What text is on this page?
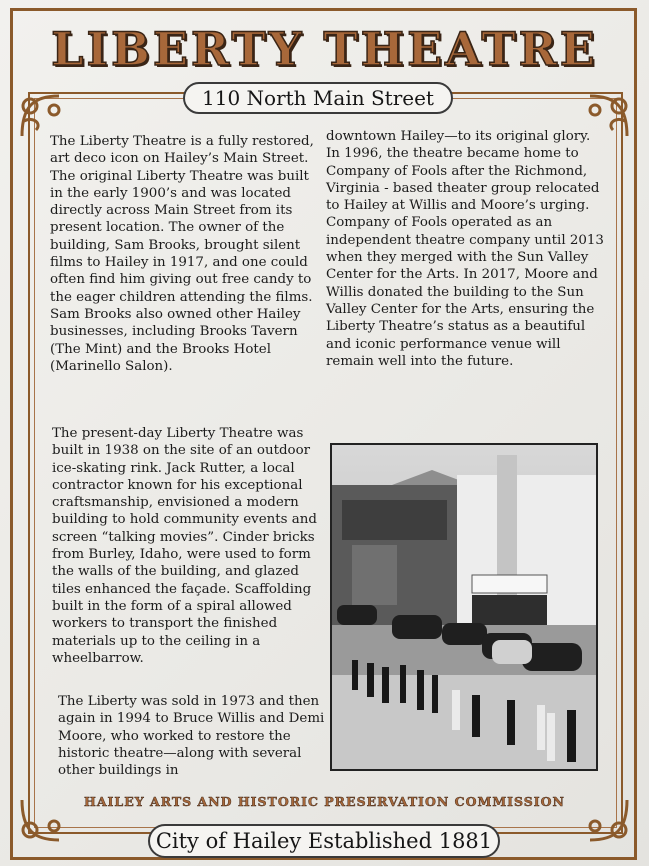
LIBERTY THEATRE
110 North Main Street

The Liberty Theatre is a fully restored, art deco icon on Hailey’s Main Street. The original Liberty Theatre was built in the early 1900’s and was located directly across Main Street from its present location. The owner of the building, Sam Brooks, brought silent films to Hailey in 1917, and one could often find him giving out free candy to the eager children attending the films. Sam Brooks also owned other Hailey businesses, including Brooks Tavern (The Mint) and the Brooks Hotel (Marinello Salon).

The present-day Liberty Theatre was built in 1938 on the site of an outdoor ice-skating rink. Jack Rutter, a local contractor known for his exceptional craftsmanship, envisioned a modern building to hold community events and screen “talking movies”. Cinder bricks from Burley, Idaho, were used to form the walls of the building, and glazed tiles enhanced the façade. Scaffolding built in the form of a spiral allowed workers to transport the finished materials up to the ceiling in a wheelbarrow.
The Liberty was sold in 1973 and then again in 1994 to Bruce Willis and Demi Moore, who worked to restore the historic theatre—along with several other buildings in

downtown Hailey—to its original glory. In 1996, the theatre became home to Company of Fools after the Richmond, Virginia - based theater group relocated to Hailey at Willis and Moore’s urging. Company of Fools operated as an independent theatre company until 2013 when they merged with the Sun Valley Center for the Arts. In 2017, Moore and Willis donated the building to the Sun Valley Center for the Arts, ensuring the Liberty Theatre’s status as a beautiful and iconic performance venue will remain well into the future.

HAILEY ARTS AND HISTORIC PRESERVATION COMMISSION
City of Hailey Established 1881
